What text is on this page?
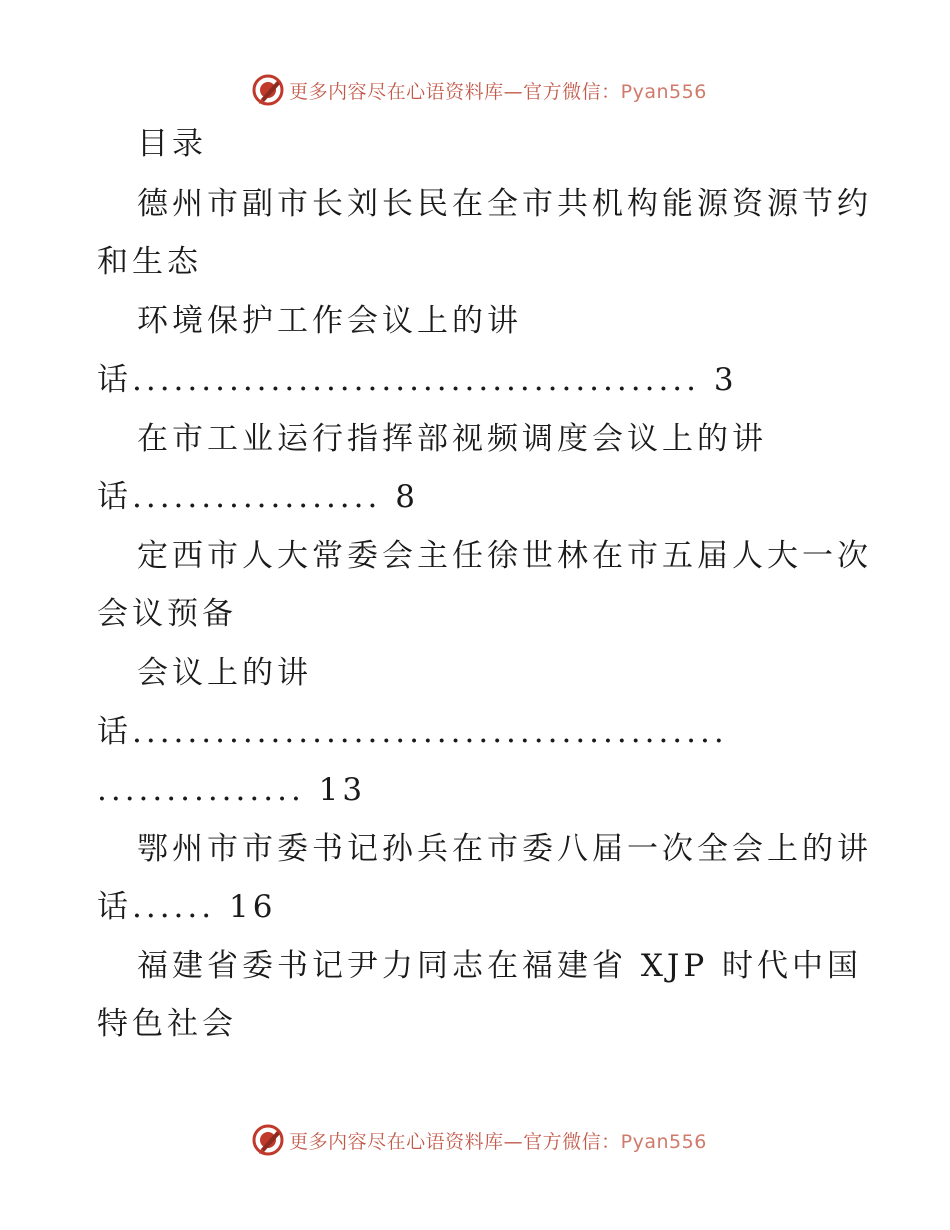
更多内容尽在心语资料库—官方微信：Pyan556
目录
德州市副市长刘长民在全市共机构能源资源节约
和生态
环境保护工作会议上的讲
话......................................... 3
在市工业运行指挥部视频调度会议上的讲
话.................. 8
定西市人大常委会主任徐世林在市五届人大一次
会议预备
会议上的讲
话...........................................
............... 13
鄂州市市委书记孙兵在市委八届一次全会上的讲
话...... 16
福建省委书记尹力同志在福建省 XJP 时代中国
特色社会
更多内容尽在心语资料库—官方微信：Pyan556
